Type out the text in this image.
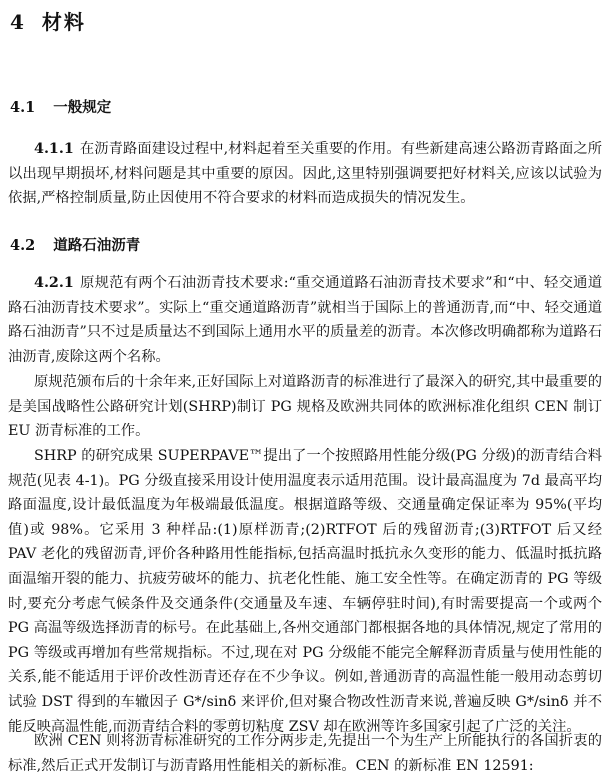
4 材料
4.1 一般规定

4.1.1 在沥青路面建设过程中,材料起着至关重要的作用。有些新建高速公路沥青路面之所以出现早期损坏,材料问题是其中重要的原因。因此,这里特别强调要把好材料关,应该以试验为依据,严格控制质量,防止因使用不符合要求的材料而造成损失的情况发生。

4.2 道路石油沥青

4.2.1 原规范有两个石油沥青技术要求:“重交通道路石油沥青技术要求”和“中、轻交通道路石油沥青技术要求”。实际上“重交通道路沥青”就相当于国际上的普通沥青,而“中、轻交通道路石油沥青”只不过是质量达不到国际上通用水平的质量差的沥青。本次修改明确都称为道路石油沥青,废除这两个名称。

原规范颁布后的十余年来,正好国际上对道路沥青的标准进行了最深入的研究,其中最重要的是美国战略性公路研究计划(SHRP)制订 PG 规格及欧洲共同体的欧洲标准化组织 CEN 制订 EU 沥青标准的工作。

SHRP 的研究成果 SUPERPAVE™提出了一个按照路用性能分级(PG 分级)的沥青结合料规范(见表 4-1)。PG 分级直接采用设计使用温度表示适用范围。设计最高温度为 7d 最高平均路面温度,设计最低温度为年极端最低温度。根据道路等级、交通量确定保证率为 95%(平均值)或 98%。它采用 3 种样品:(1)原样沥青;(2)RTFOT 后的残留沥青;(3)RTFOT 后又经 PAV 老化的残留沥青,评价各种路用性能指标,包括高温时抵抗永久变形的能力、低温时抵抗路面温缩开裂的能力、抗疲劳破坏的能力、抗老化性能、施工安全性等。在确定沥青的 PG 等级时,要充分考虑气候条件及交通条件(交通量及车速、车辆停驻时间),有时需要提高一个或两个 PG 高温等级选择沥青的标号。在此基础上,各州交通部门都根据各地的具体情况,规定了常用的 PG 等级或再增加有些常规指标。不过,现在对 PG 分级能不能完全解释沥青质量与使用性能的关系,能不能适用于评价改性沥青还存在不少争议。例如,普通沥青的高温性能一般用动态剪切试验 DST 得到的车辙因子 G*/sinδ 来评价,但对聚合物改性沥青来说,普遍反映 G*/sinδ 并不能反映高温性能,而沥青结合料的零剪切粘度 ZSV 却在欧洲等许多国家引起了广泛的关注。

欧洲 CEN 则将沥青标准研究的工作分两步走,先提出一个为生产上所能执行的各国折衷的标准,然后正式开发制订与沥青路用性能相关的新标准。CEN 的新标准 EN 12591:
